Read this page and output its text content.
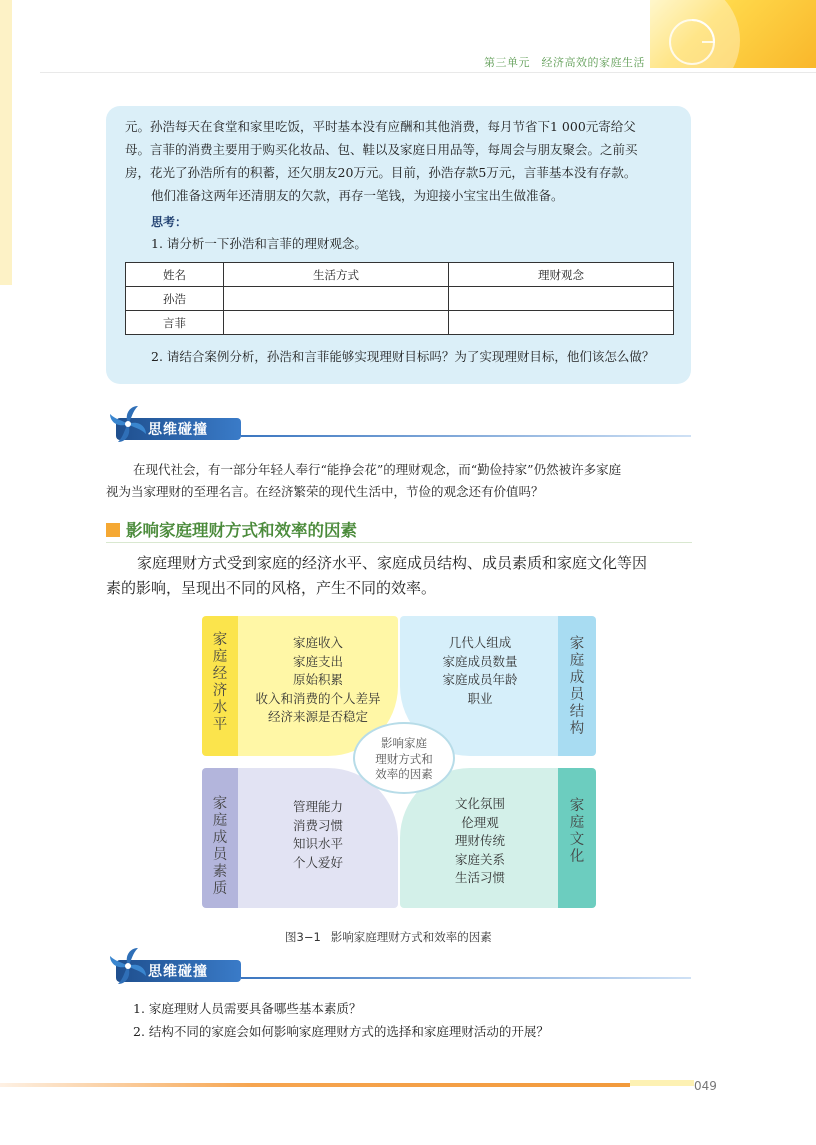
第三单元　经济高效的家庭生活
元。孙浩每天在食堂和家里吃饭，平时基本没有应酬和其他消费，每月节省下1 000元寄给父
母。言菲的消费主要用于购买化妆品、包、鞋以及家庭日用品等，每周会与朋友聚会。之前买
房，花光了孙浩所有的积蓄，还欠朋友20万元。目前，孙浩存款5万元，言菲基本没有存款。
他们准备这两年还清朋友的欠款，再存一笔钱，为迎接小宝宝出生做准备。
思考：
1. 请分析一下孙浩和言菲的理财观念。
姓名	生活方式	理财观念
孙浩		
言菲		
2. 请结合案例分析，孙浩和言菲能够实现理财目标吗？为了实现理财目标，他们该怎么做？
思维碰撞
在现代社会，有一部分年轻人奉行“能挣会花”的理财观念，而“勤俭持家”仍然被许多家庭
视为当家理财的至理名言。在经济繁荣的现代生活中，节俭的观念还有价值吗？
影响家庭理财方式和效率的因素
家庭理财方式受到家庭的经济水平、家庭成员结构、成员素质和家庭文化等因
素的影响，呈现出不同的风格，产生不同的效率。
家庭经济水平
家庭成员结构
家庭成员素质
家庭文化
家庭收入
家庭支出
原始积累
收入和消费的个人差异
经济来源是否稳定
几代人组成
家庭成员数量
家庭成员年龄
职业
管理能力
消费习惯
知识水平
个人爱好
文化氛围
伦理观
理财传统
家庭关系
生活习惯
影响家庭
理财方式和
效率的因素
图3−1 影响家庭理财方式和效率的因素
思维碰撞
1. 家庭理财人员需要具备哪些基本素质？
2. 结构不同的家庭会如何影响家庭理财方式的选择和家庭理财活动的开展？
049
